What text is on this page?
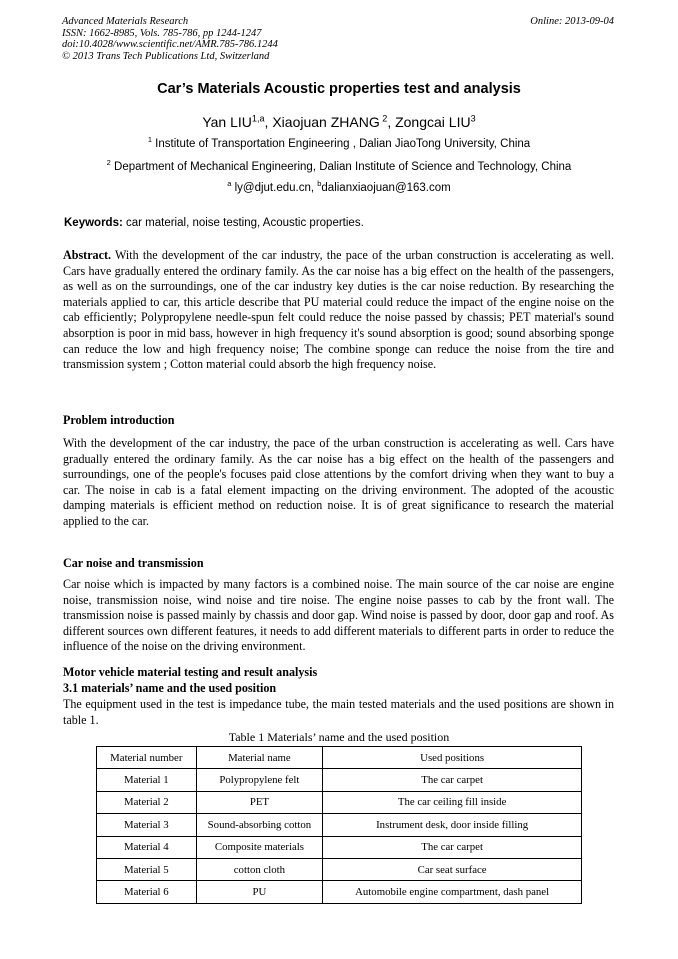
Advanced Materials Research
ISSN: 1662-8985, Vols. 785-786, pp 1244-1247
doi:10.4028/www.scientific.net/AMR.785-786.1244
© 2013 Trans Tech Publications Ltd, Switzerland
Online: 2013-09-04
Car’s Materials Acoustic properties test and analysis
Yan LIU$^{1,a}$, Xiaojuan ZHANG $^2$, Zongcai LIU$^3$
$^1$ Institute of Transportation Engineering , Dalian JiaoTong University, China
$^2$ Department of Mechanical Engineering, Dalian Institute of Science and Technology, China
$^a$ ly@djut.edu.cn, $^b$dalianxiaojuan@163.com
Keywords: car material, noise testing, Acoustic properties.
Abstract. With the development of the car industry, the pace of the urban construction is accelerating as well. Cars have gradually entered the ordinary family. As the car noise has a big effect on the health of the passengers, as well as on the surroundings, one of the car industry key duties is the car noise reduction. By researching the materials applied to car, this article describe that PU material could reduce the impact of the engine noise on the cab efficiently; Polypropylene needle-spun felt could reduce the noise passed by chassis; PET material's sound absorption is poor in mid bass, however in high frequency it's sound absorption is good; sound absorbing sponge can reduce the low and high frequency noise; The combine sponge can reduce the noise from the tire and transmission system ; Cotton material could absorb the high frequency noise.
Problem introduction
With the development of the car industry, the pace of the urban construction is accelerating as well. Cars have gradually entered the ordinary family. As the car noise has a big effect on the health of the passengers and surroundings, one of the people's focuses paid close attentions by the comfort driving when they want to buy a car. The noise in cab is a fatal element impacting on the driving environment. The adopted of the acoustic damping materials is efficient method on reduction noise. It is of great significance to research the material applied to the car.
Car noise and transmission
Car noise which is impacted by many factors is a combined noise. The main source of the car noise are engine noise, transmission noise, wind noise and tire noise. The engine noise passes to cab by the front wall. The transmission noise is passed mainly by chassis and door gap. Wind noise is passed by door, door gap and roof. As different sources own different features, it needs to add different materials to different parts in order to reduce the influence of the noise on the driving environment.
Motor vehicle material testing and result analysis
3.1 materials’ name and the used position
The equipment used in the test is impedance tube, the main tested materials and the used positions are shown in table 1.
Table 1 Materials’ name and the used position
Material number	Material name	Used positions
Material 1	Polypropylene felt	The car carpet
Material 2	PET	The car ceiling fill inside
Material 3	Sound-absorbing cotton	Instrument desk, door inside filling
Material 4	Composite materials	The car carpet
Material 5	cotton cloth	Car seat surface
Material 6	PU	Automobile engine compartment, dash panel
